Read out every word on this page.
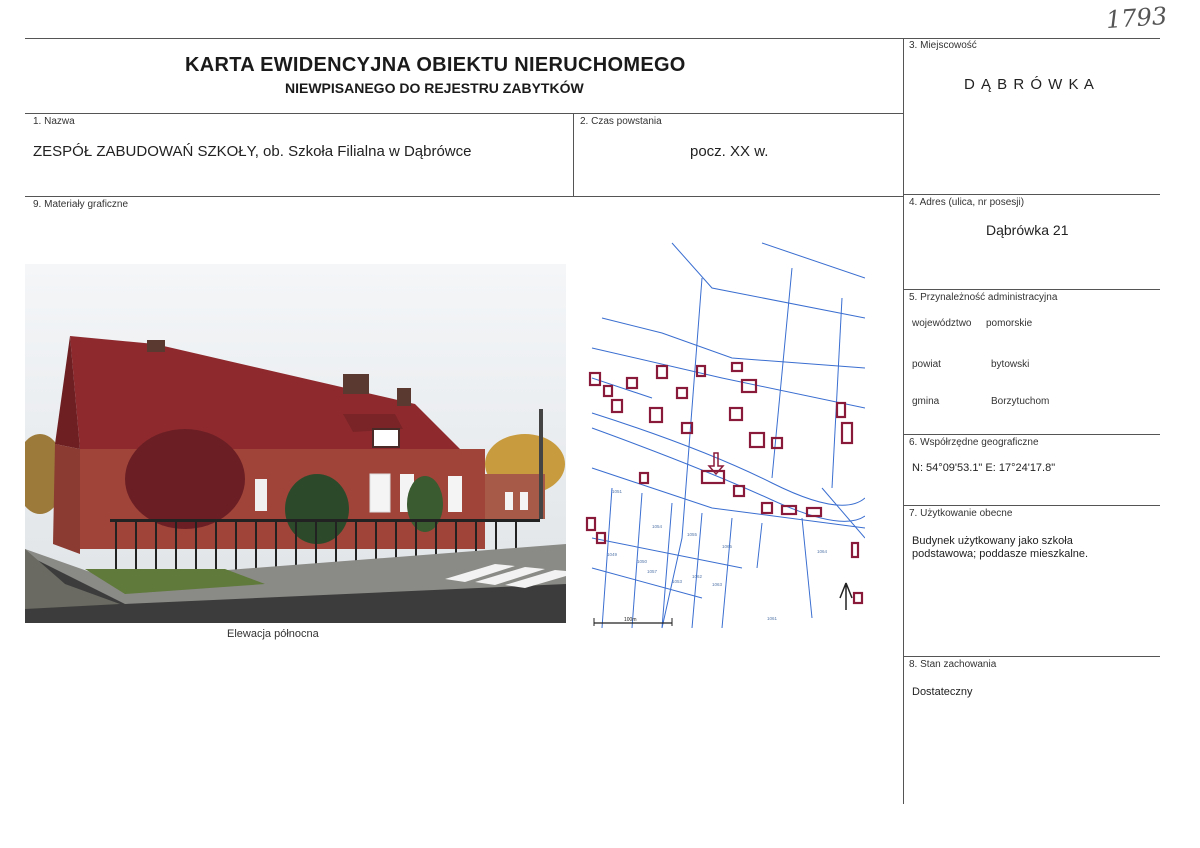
KARTA EWIDENCYJNA OBIEKTU NIERUCHOMEGO
NIEWPISANEGO DO REJESTRU ZABYTKÓW
1793
1. Nazwa
ZESPÓŁ ZABUDOWAŃ SZKOŁY, ob. Szkoła Filialna w Dąbrówce
2. Czas powstania
pocz. XX w.
3. Miejscowość
D Ą B R Ó W K A
4. Adres (ulica, nr posesji)
Dąbrówka 21
5. Przynależność administracyjna
województwo pomorskie
powiat	bytowski
gmina	Borzytuchom
6. Współrzędne geograficzne
N: 54°09'53.1" E: 17°24'17.8"
7. Użytkowanie obecne
Budynek użytkowany jako szkoła
podstawowa; poddasze mieszkalne.
8. Stan zachowania
Dostateczny
9. Materiały graficzne
Elewacja północna
100m
1049
1050
1051
1053
1054
1055
1057
1061
1062
1063
1064
1065
